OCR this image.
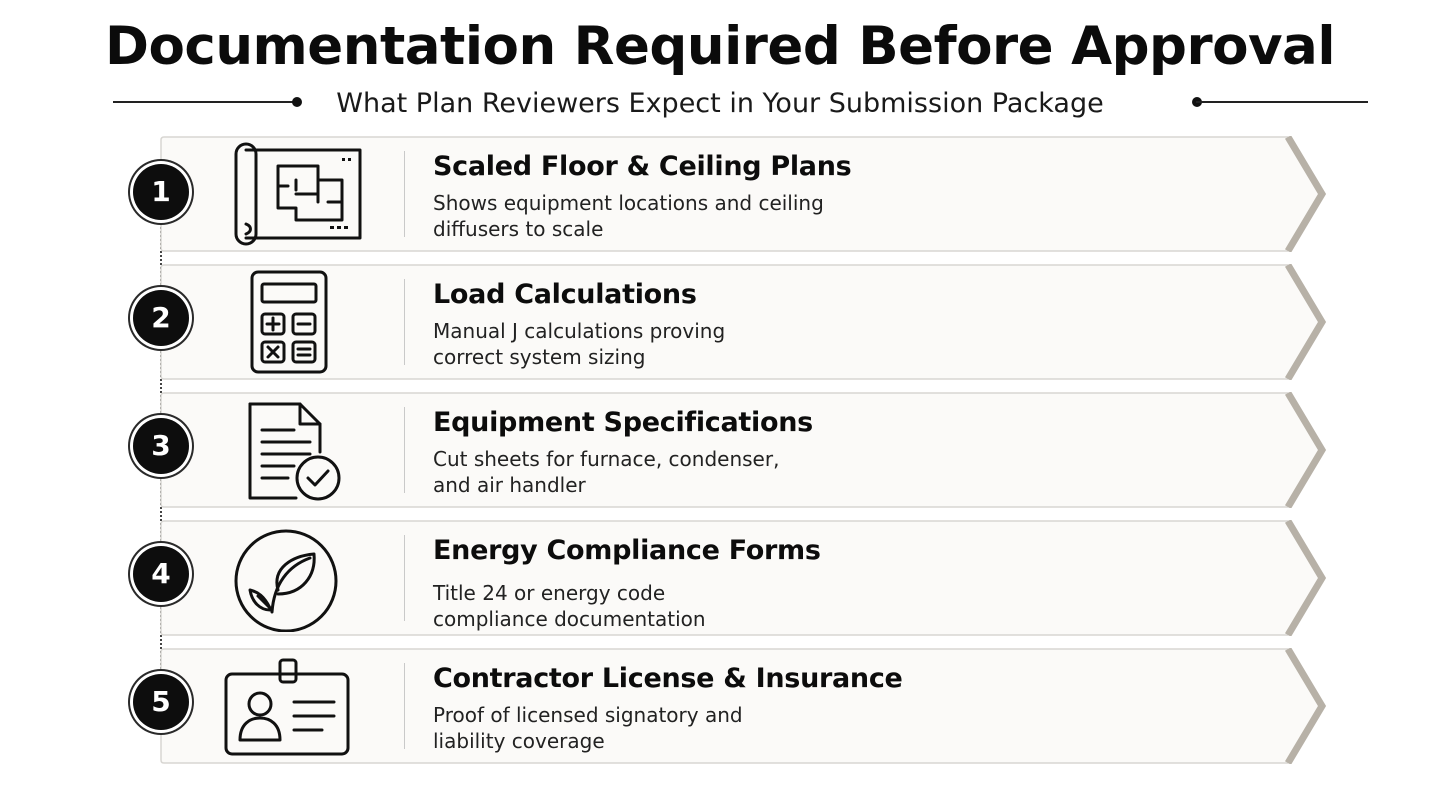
Documentation Required Before Approval
What Plan Reviewers Expect in Your Submission Package
1
Scaled Floor & Ceiling Plans
Shows equipment locations and ceiling
diffusers to scale
2
Load Calculations
Manual J calculations proving
correct system sizing
3
Equipment Specifications
Cut sheets for furnace, condenser,
and air handler
4
Energy Compliance Forms
Title 24 or energy code
compliance documentation
5
Contractor License & Insurance
Proof of licensed signatory and
liability coverage
